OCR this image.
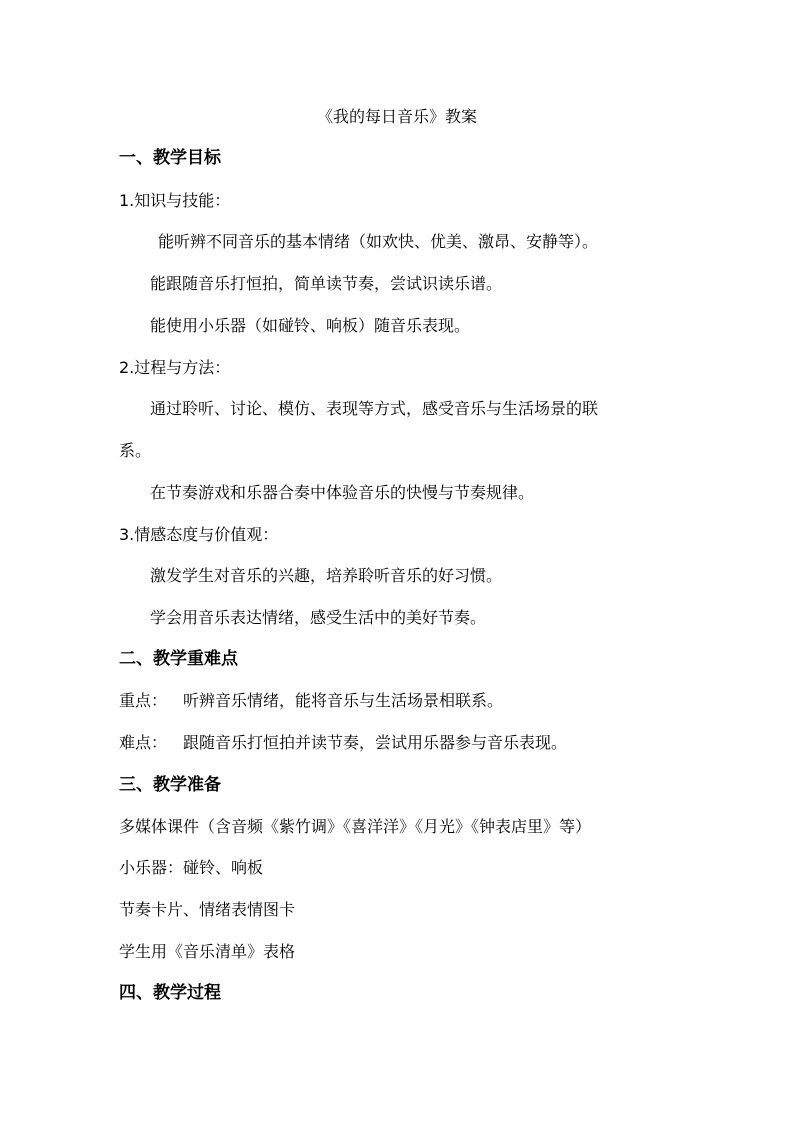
《我的每日音乐》教案
一、教学目标
1.知识与技能：
能听辨不同音乐的基本情绪（如欢快、优美、激昂、安静等）。
能跟随音乐打恒拍，简单读节奏，尝试识读乐谱。
能使用小乐器（如碰铃、响板）随音乐表现。
2.过程与方法：
通过聆听、讨论、模仿、表现等方式，感受音乐与生活场景的联
系。
在节奏游戏和乐器合奏中体验音乐的快慢与节奏规律。
3.情感态度与价值观：
激发学生对音乐的兴趣，培养聆听音乐的好习惯。
学会用音乐表达情绪，感受生活中的美好节奏。
二、教学重难点
重点： 听辨音乐情绪，能将音乐与生活场景相联系。
难点： 跟随音乐打恒拍并读节奏，尝试用乐器参与音乐表现。
三、教学准备
多媒体课件（含音频《紫竹调》《喜洋洋》《月光》《钟表店里》等）
小乐器：碰铃、响板
节奏卡片、情绪表情图卡
学生用《音乐清单》表格
四、教学过程
